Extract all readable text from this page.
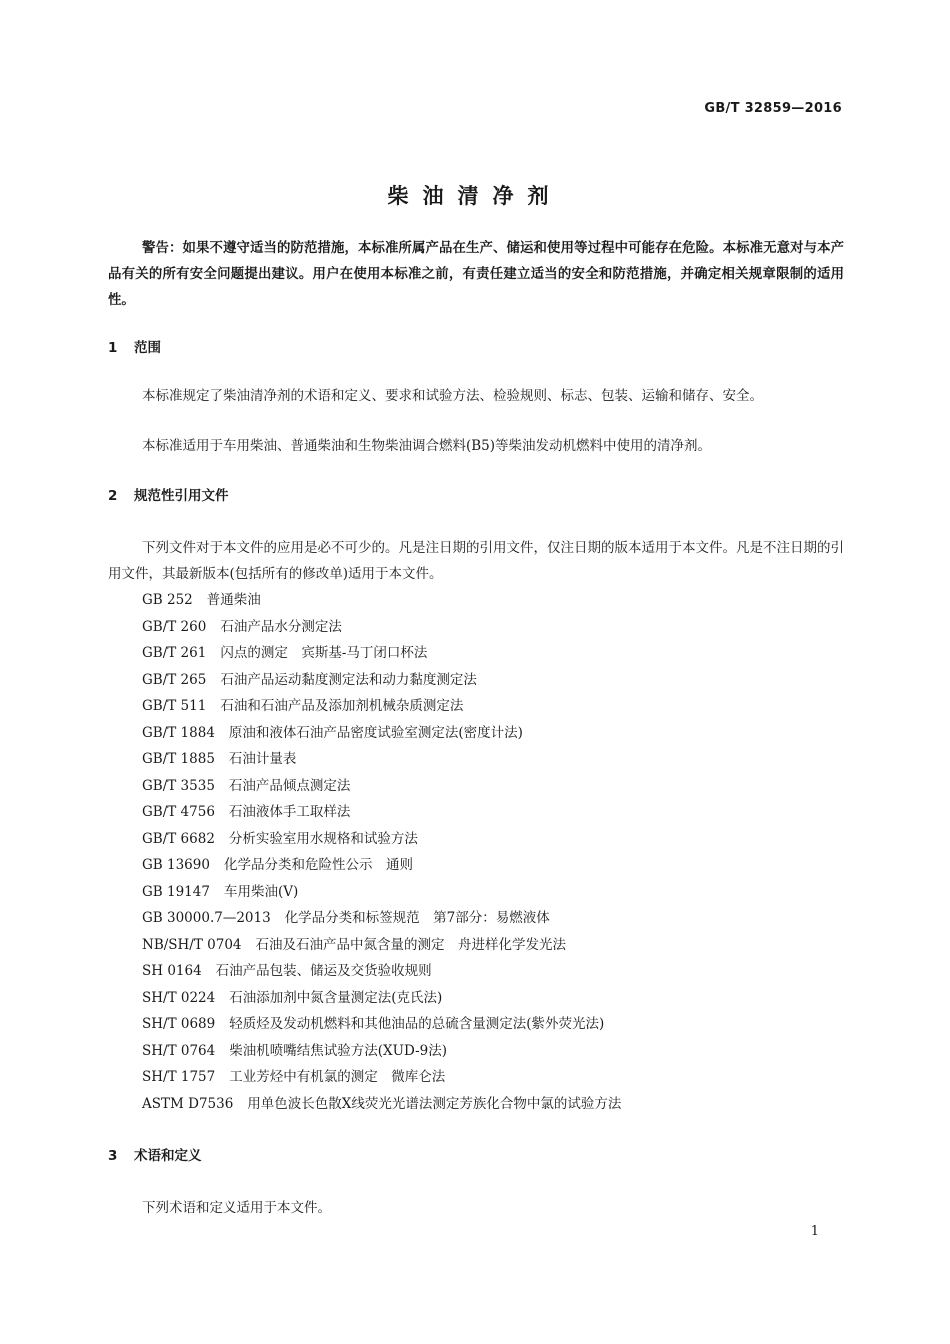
GB/T 32859—2016
柴油清净剂

警告：如果不遵守适当的防范措施，本标准所属产品在生产、储运和使用等过程中可能存在危险。本标准无意对与本产品有关的所有安全问题提出建议。用户在使用本标准之前，有责任建立适当的安全和防范措施，并确定相关规章限制的适用性。

1 范围

本标准规定了柴油清净剂的术语和定义、要求和试验方法、检验规则、标志、包装、运输和储存、安全。

本标准适用于车用柴油、普通柴油和生物柴油调合燃料(B5)等柴油发动机燃料中使用的清净剂。

2 规范性引用文件

下列文件对于本文件的应用是必不可少的。凡是注日期的引用文件，仅注日期的版本适用于本文件。凡是不注日期的引用文件，其最新版本(包括所有的修改单)适用于本文件。

GB 252 普通柴油
GB/T 260 石油产品水分测定法
GB/T 261 闪点的测定　宾斯基-马丁闭口杯法
GB/T 265 石油产品运动黏度测定法和动力黏度测定法
GB/T 511 石油和石油产品及添加剂机械杂质测定法
GB/T 1884 原油和液体石油产品密度试验室测定法(密度计法)
GB/T 1885 石油计量表
GB/T 3535 石油产品倾点测定法
GB/T 4756 石油液体手工取样法
GB/T 6682 分析实验室用水规格和试验方法
GB 13690 化学品分类和危险性公示　通则
GB 19147 车用柴油(Ⅴ)
GB 30000.7—2013 化学品分类和标签规范　第7部分：易燃液体
NB/SH/T 0704 石油及石油产品中氮含量的测定　舟进样化学发光法
SH 0164 石油产品包装、储运及交货验收规则
SH/T 0224 石油添加剂中氮含量测定法(克氏法)
SH/T 0689 轻质烃及发动机燃料和其他油品的总硫含量测定法(紫外荧光法)
SH/T 0764 柴油机喷嘴结焦试验方法(XUD-9法)
SH/T 1757 工业芳烃中有机氯的测定　微库仑法
ASTM D7536 用单色波长色散X线荧光光谱法测定芳族化合物中氯的试验方法
3 术语和定义

下列术语和定义适用于本文件。

1
